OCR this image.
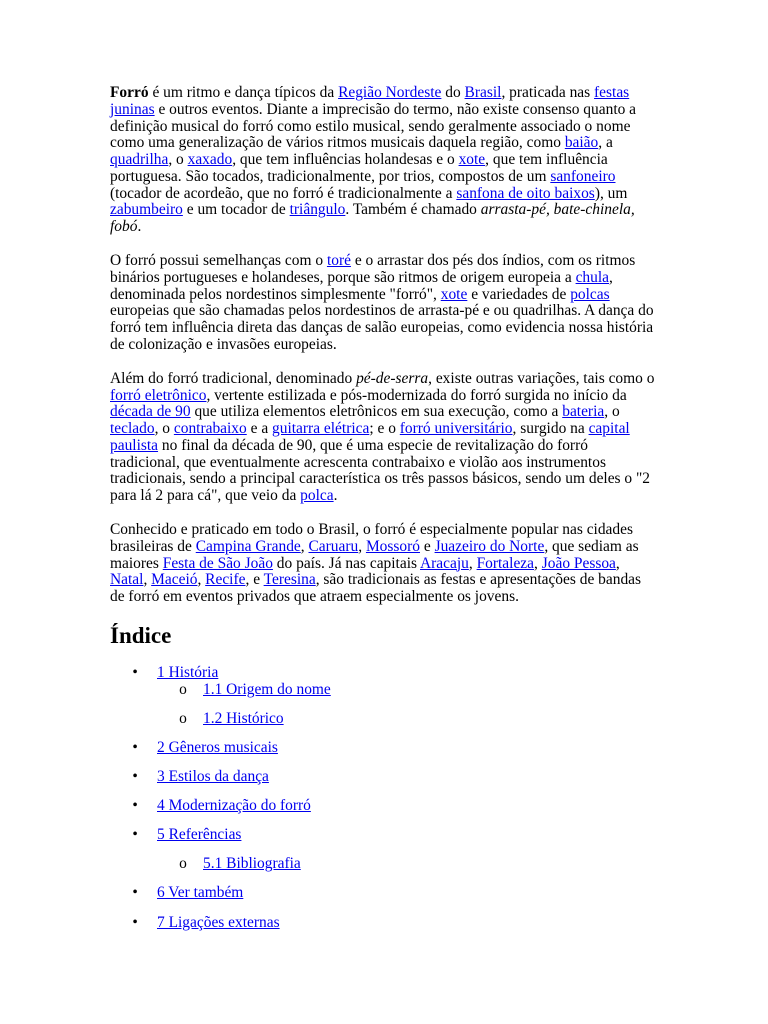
Forró é um ritmo e dança típicos da Região Nordeste do Brasil, praticada nas festas
juninas e outros eventos. Diante a imprecisão do termo, não existe consenso quanto a
definição musical do forró como estilo musical, sendo geralmente associado o nome
como uma generalização de vários ritmos musicais daquela região, como baião, a
quadrilha, o xaxado, que tem influências holandesas e o xote, que tem influência
portuguesa. São tocados, tradicionalmente, por trios, compostos de um sanfoneiro
(tocador de acordeão, que no forró é tradicionalmente a sanfona de oito baixos), um
zabumbeiro e um tocador de triângulo. Também é chamado arrasta-pé, bate-chinela,
fobó.

O forró possui semelhanças com o toré e o arrastar dos pés dos índios, com os ritmos
binários portugueses e holandeses, porque são ritmos de origem europeia a chula,
denominada pelos nordestinos simplesmente "forró", xote e variedades de polcas
europeias que são chamadas pelos nordestinos de arrasta-pé e ou quadrilhas. A dança do
forró tem influência direta das danças de salão europeias, como evidencia nossa história
de colonização e invasões europeias.

Além do forró tradicional, denominado pé-de-serra, existe outras variações, tais como o
forró eletrônico, vertente estilizada e pós-modernizada do forró surgida no início da
década de 90 que utiliza elementos eletrônicos em sua execução, como a bateria, o
teclado, o contrabaixo e a guitarra elétrica; e o forró universitário, surgido na capital
paulista no final da década de 90, que é uma especie de revitalização do forró
tradicional, que eventualmente acrescenta contrabaixo e violão aos instrumentos
tradicionais, sendo a principal característica os três passos básicos, sendo um deles o "2
para lá 2 para cá", que veio da polca.

Conhecido e praticado em todo o Brasil, o forró é especialmente popular nas cidades
brasileiras de Campina Grande, Caruaru, Mossoró e Juazeiro do Norte, que sediam as
maiores Festa de São João do país. Já nas capitais Aracaju, Fortaleza, João Pessoa,
Natal, Maceió, Recife, e Teresina, são tradicionais as festas e apresentações de bandas
de forró em eventos privados que atraem especialmente os jovens.

Índice
• 1 História
o 1.1 Origem do nome
o 1.2 Histórico
• 2 Gêneros musicais
• 3 Estilos da dança
• 4 Modernização do forró
• 5 Referências
o 5.1 Bibliografia
• 6 Ver também
• 7 Ligações externas
